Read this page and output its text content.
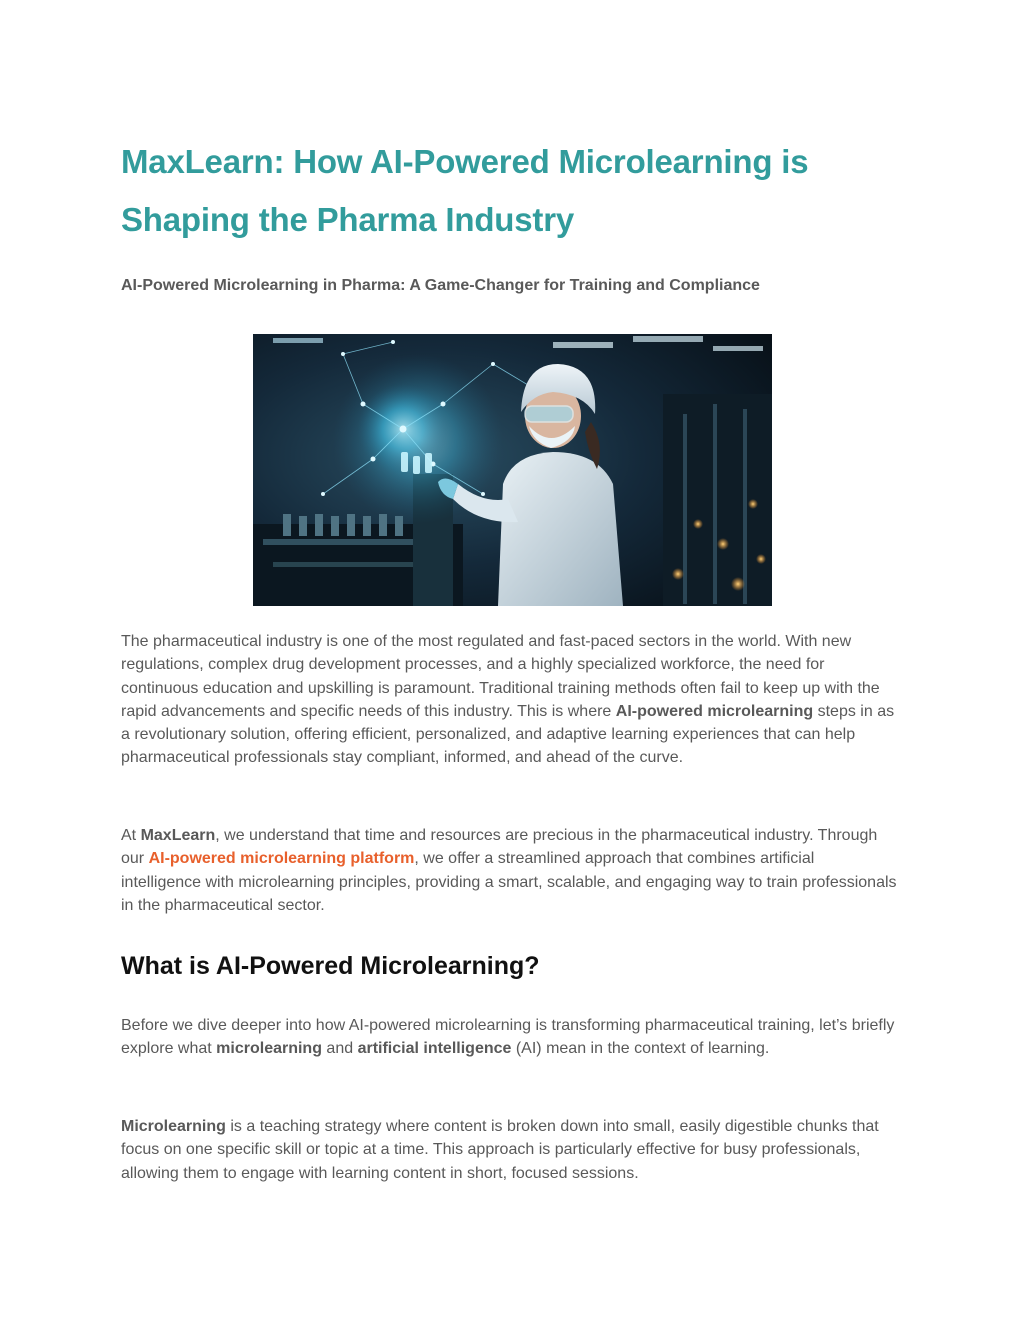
MaxLearn: How AI-Powered Microlearning is Shaping the Pharma Industry

AI-Powered Microlearning in Pharma: A Game-Changer for Training and Compliance

The pharmaceutical industry is one of the most regulated and fast-paced sectors in the world. With new regulations, complex drug development processes, and a highly specialized workforce, the need for continuous education and upskilling is paramount. Traditional training methods often fail to keep up with the rapid advancements and specific needs of this industry. This is where AI-powered microlearning steps in as a revolutionary solution, offering efficient, personalized, and adaptive learning experiences that can help pharmaceutical professionals stay compliant, informed, and ahead of the curve.

At MaxLearn, we understand that time and resources are precious in the pharmaceutical industry. Through our AI-powered microlearning platform, we offer a streamlined approach that combines artificial intelligence with microlearning principles, providing a smart, scalable, and engaging way to train professionals in the pharmaceutical sector.

What is AI-Powered Microlearning?

Before we dive deeper into how AI-powered microlearning is transforming pharmaceutical training, let’s briefly explore what microlearning and artificial intelligence (AI) mean in the context of learning.

Microlearning is a teaching strategy where content is broken down into small, easily digestible chunks that focus on one specific skill or topic at a time. This approach is particularly effective for busy professionals, allowing them to engage with learning content in short, focused sessions.
